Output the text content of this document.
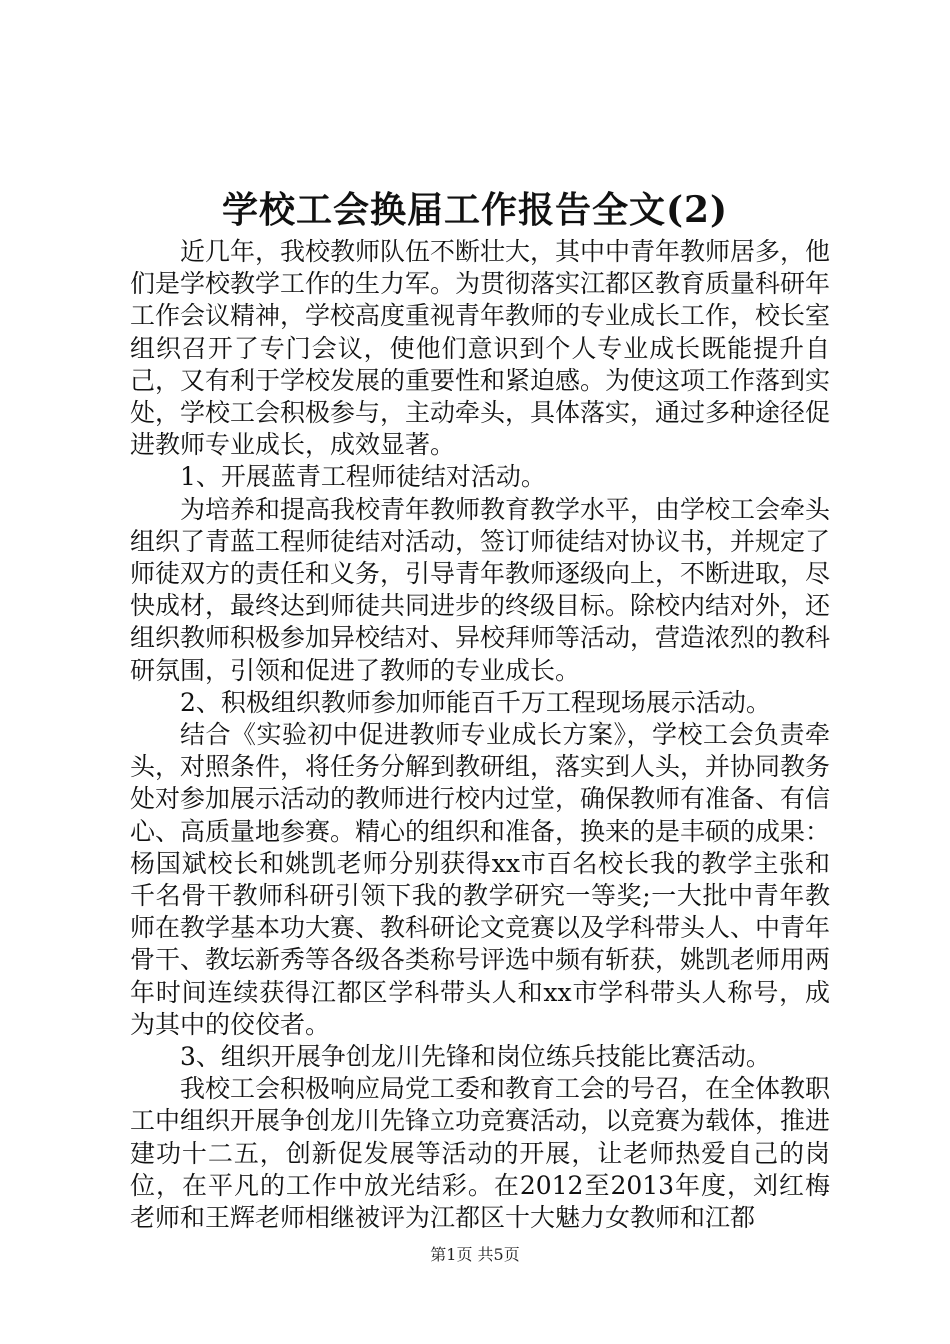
学校工会换届工作报告全文(2)

近几年，我校教师队伍不断壮大，其中中青年教师居多，他们是学校教学工作的生力军。为贯彻落实江都区教育质量科研年工作会议精神，学校高度重视青年教师的专业成长工作，校长室组织召开了专门会议，使他们意识到个人专业成长既能提升自己，又有利于学校发展的重要性和紧迫感。为使这项工作落到实处，学校工会积极参与，主动牵头，具体落实，通过多种途径促进教师专业成长，成效显著。

1、开展蓝青工程师徒结对活动。

为培养和提高我校青年教师教育教学水平，由学校工会牵头组织了青蓝工程师徒结对活动，签订师徒结对协议书，并规定了师徒双方的责任和义务，引导青年教师逐级向上，不断进取，尽快成材，最终达到师徒共同进步的终级目标。除校内结对外，还组织教师积极参加异校结对、异校拜师等活动，营造浓烈的教科研氛围，引领和促进了教师的专业成长。

2、积极组织教师参加师能百千万工程现场展示活动。

结合《实验初中促进教师专业成长方案》，学校工会负责牵头，对照条件，将任务分解到教研组，落实到人头，并协同教务处对参加展示活动的教师进行校内过堂，确保教师有准备、有信心、高质量地参赛。精心的组织和准备，换来的是丰硕的成果：杨国斌校长和姚凯老师分别获得xx市百名校长我的教学主张和千名骨干教师科研引领下我的教学研究一等奖;一大批中青年教师在教学基本功大赛、教科研论文竞赛以及学科带头人、中青年骨干、教坛新秀等各级各类称号评选中频有斩获，姚凯老师用两年时间连续获得江都区学科带头人和xx市学科带头人称号，成为其中的佼佼者。

3、组织开展争创龙川先锋和岗位练兵技能比赛活动。

我校工会积极响应局党工委和教育工会的号召，在全体教职工中组织开展争创龙川先锋立功竞赛活动，以竞赛为载体，推进建功十二五，创新促发展等活动的开展，让老师热爱自己的岗位，在平凡的工作中放光结彩。在2012至2013年度，刘红梅老师和王辉老师相继被评为江都区十大魅力女教师和江都

第1页 共5页
